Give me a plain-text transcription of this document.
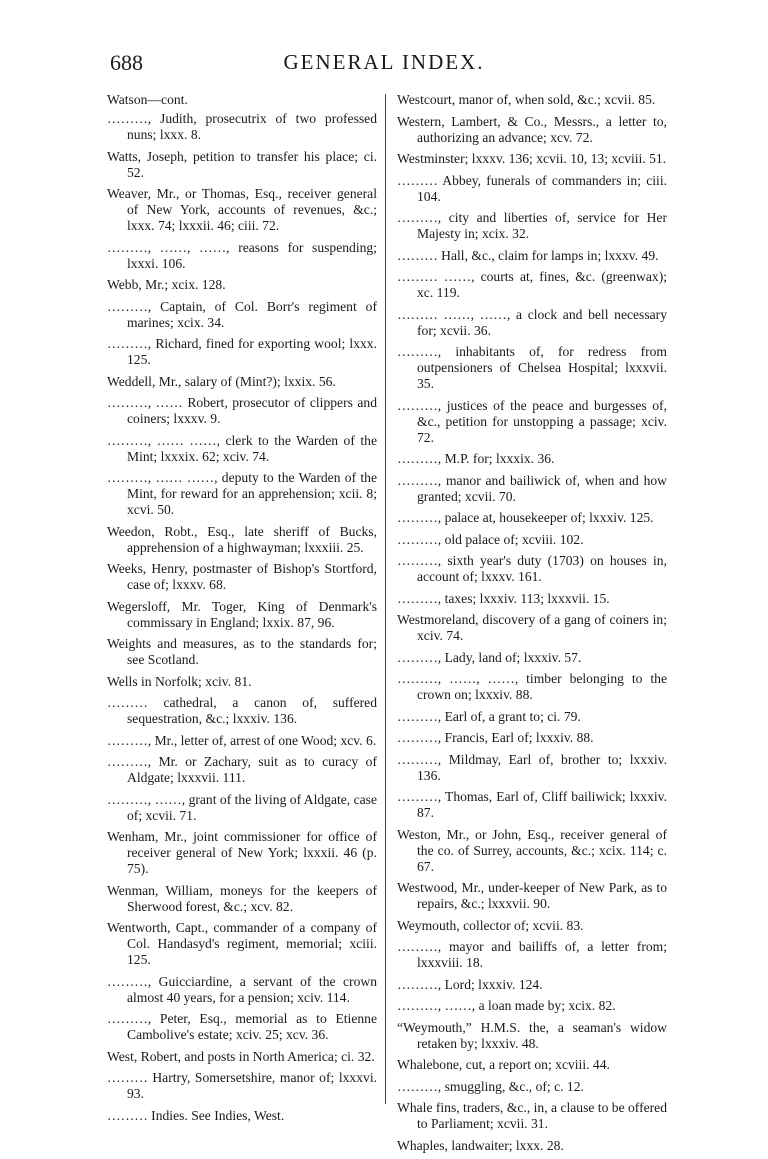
688	GENERAL INDEX.
Watson—cont.
………, Judith, prosecutrix of two professed nuns; lxxx. 8.
Watts, Joseph, petition to transfer his place; ci. 52.
Weaver, Mr., or Thomas, Esq., receiver general of New York, accounts of revenues, &c.; lxxx. 74; lxxxii. 46; ciii. 72.
………, ……, ……, reasons for suspending; lxxxi. 106.
Webb, Mr.; xcix. 128.
………, Captain, of Col. Borr's regiment of marines; xcix. 34.
………, Richard, fined for exporting wool; lxxx. 125.
Weddell, Mr., salary of (Mint?); lxxix. 56.
………, …… Robert, prosecutor of clippers and coiners; lxxxv. 9.
………, …… ……, clerk to the Warden of the Mint; lxxxix. 62; xciv. 74.
………, …… ……, deputy to the Warden of the Mint, for reward for an apprehension; xcii. 8; xcvi. 50.
Weedon, Robt., Esq., late sheriff of Bucks, apprehension of a highwayman; lxxxiii. 25.
Weeks, Henry, postmaster of Bishop's Stortford, case of; lxxxv. 68.
Wegersloff, Mr. Toger, King of Denmark's commissary in England; lxxix. 87, 96.
Weights and measures, as to the standards for; see Scotland.
Wells in Norfolk; xciv. 81.
……… cathedral, a canon of, suffered sequestration, &c.; lxxxiv. 136.
………, Mr., letter of, arrest of one Wood; xcv. 6.
………, Mr. or Zachary, suit as to curacy of Aldgate; lxxxvii. 111.
………, ……, grant of the living of Aldgate, case of; xcvii. 71.
Wenham, Mr., joint commissioner for office of receiver general of New York; lxxxii. 46 (p. 75).
Wenman, William, moneys for the keepers of Sherwood forest, &c.; xcv. 82.
Wentworth, Capt., commander of a company of Col. Handasyd's regiment, memorial; xciii. 125.
………, Guicciardine, a servant of the crown almost 40 years, for a pension; xciv. 114.
………, Peter, Esq., memorial as to Etienne Cambolive's estate; xciv. 25; xcv. 36.
West, Robert, and posts in North America; ci. 32.
……… Hartry, Somersetshire, manor of; lxxxvi. 93.
……… Indies. See Indies, West.
Westcourt, manor of, when sold, &c.; xcvii. 85.
Western, Lambert, & Co., Messrs., a letter to, authorizing an advance; xcv. 72.
Westminster; lxxxv. 136; xcvii. 10, 13; xcviii. 51.
……… Abbey, funerals of commanders in; ciii. 104.
………, city and liberties of, service for Her Majesty in; xcix. 32.
……… Hall, &c., claim for lamps in; lxxxv. 49.
……… ……, courts at, fines, &c. (greenwax); xc. 119.
……… ……, ……, a clock and bell necessary for; xcvii. 36.
………, inhabitants of, for redress from outpensioners of Chelsea Hospital; lxxxvii. 35.
………, justices of the peace and burgesses of, &c., petition for unstopping a passage; xciv. 72.
………, M.P. for; lxxxix. 36.
………, manor and bailiwick of, when and how granted; xcvii. 70.
………, palace at, housekeeper of; lxxxiv. 125.
………, old palace of; xcviii. 102.
………, sixth year's duty (1703) on houses in, account of; lxxxv. 161.
………, taxes; lxxxiv. 113; lxxxvii. 15.
Westmoreland, discovery of a gang of coiners in; xciv. 74.
………, Lady, land of; lxxxiv. 57.
………, ……, ……, timber belonging to the crown on; lxxxiv. 88.
………, Earl of, a grant to; ci. 79.
………, Francis, Earl of; lxxxiv. 88.
………, Mildmay, Earl of, brother to; lxxxiv. 136.
………, Thomas, Earl of, Cliff bailiwick; lxxxiv. 87.
Weston, Mr., or John, Esq., receiver general of the co. of Surrey, accounts, &c.; xcix. 114; c. 67.
Westwood, Mr., under-keeper of New Park, as to repairs, &c.; lxxxvii. 90.
Weymouth, collector of; xcvii. 83.
………, mayor and bailiffs of, a letter from; lxxxviii. 18.
………, Lord; lxxxiv. 124.
………, ……, a loan made by; xcix. 82.
“Weymouth,” H.M.S. the, a seaman's widow retaken by; lxxxiv. 48.
Whalebone, cut, a report on; xcviii. 44.
………, smuggling, &c., of; c. 12.
Whale fins, traders, &c., in, a clause to be offered to Parliament; xcvii. 31.
Whaples, landwaiter; lxxx. 28.
